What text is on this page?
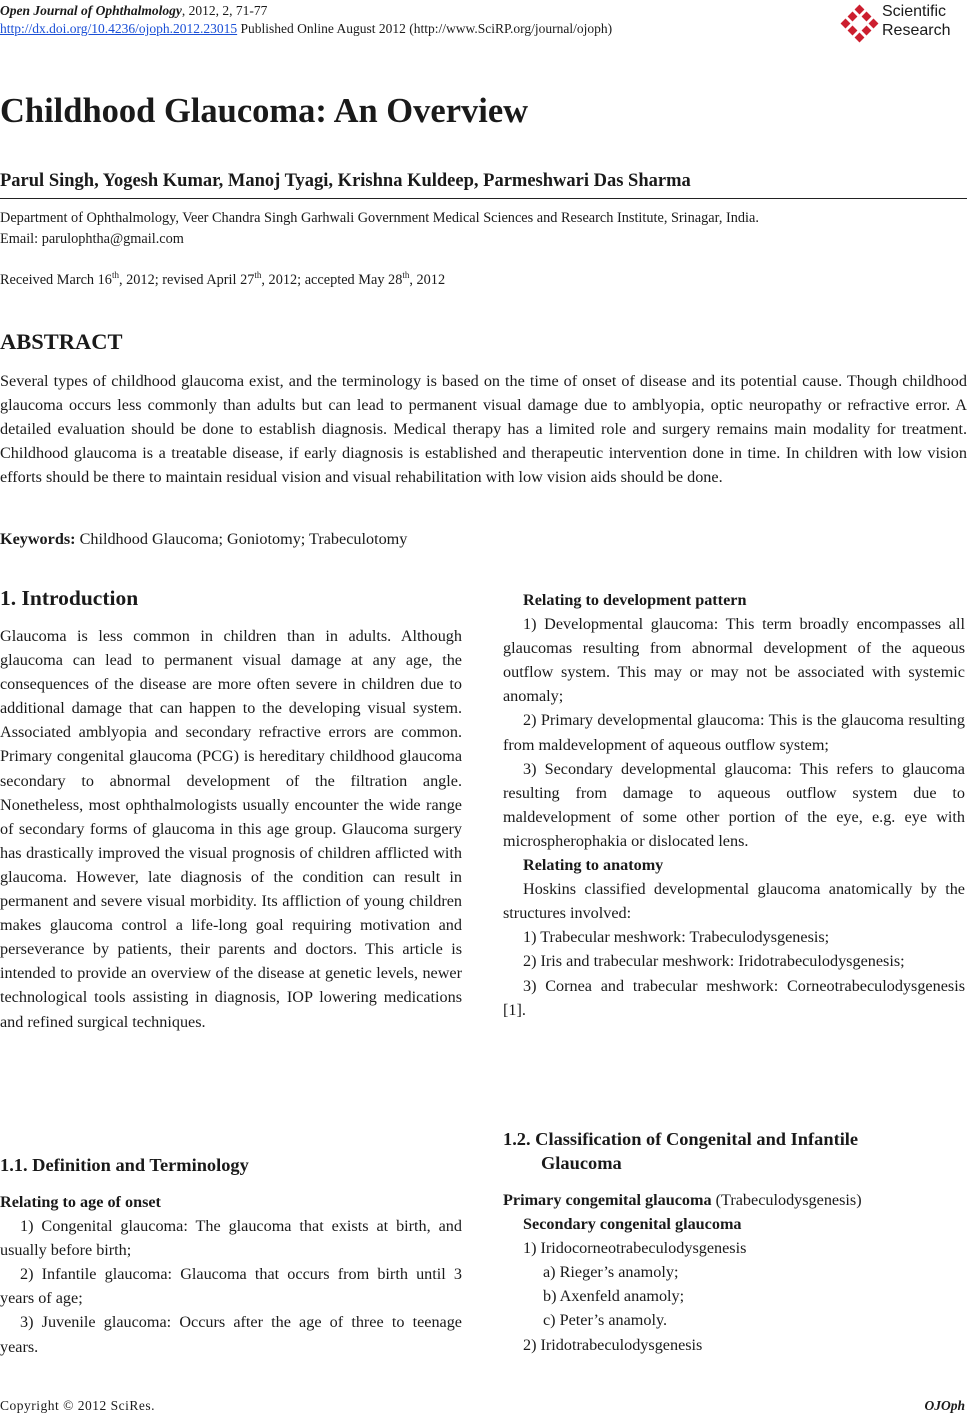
Open Journal of Ophthalmology, 2012, 2, 71-77
http://dx.doi.org/10.4236/ojoph.2012.23015 Published Online August 2012 (http://www.SciRP.org/journal/ojoph)
Scientific
Research
Childhood Glaucoma: An Overview
Parul Singh, Yogesh Kumar, Manoj Tyagi, Krishna Kuldeep, Parmeshwari Das Sharma
Department of Ophthalmology, Veer Chandra Singh Garhwali Government Medical Sciences and Research Institute, Srinagar, India.
Email: parulophtha@gmail.com
Received March 16th, 2012; revised April 27th, 2012; accepted May 28th, 2012
ABSTRACT
Several types of childhood glaucoma exist, and the terminology is based on the time of onset of disease and its potential cause. Though childhood glaucoma occurs less commonly than adults but can lead to permanent visual damage due to amblyopia, optic neuropathy or refractive error. A detailed evaluation should be done to establish diagnosis. Medical therapy has a limited role and surgery remains main modality for treatment. Childhood glaucoma is a treatable disease, if early diagnosis is established and therapeutic intervention done in time. In children with low vision efforts should be there to maintain residual vision and visual rehabilitation with low vision aids should be done.
Keywords: Childhood Glaucoma; Goniotomy; Trabeculotomy
1. Introduction

Glaucoma is less common in children than in adults. Although glaucoma can lead to permanent visual damage at any age, the consequences of the disease are more often severe in children due to additional damage that can happen to the developing visual system. Associated amblyopia and secondary refractive errors are common. Primary congenital glaucoma (PCG) is hereditary childhood glaucoma secondary to abnormal development of the filtration angle. Nonetheless, most ophthalmologists usually encounter the wide range of secondary forms of glaucoma in this age group. Glaucoma surgery has drastically improved the visual prognosis of children afflicted with glaucoma. However, late diagnosis of the condition can result in permanent and severe visual morbidity. Its affliction of young children makes glaucoma control a life-long goal requiring motivation and perseverance by patients, their parents and doctors. This article is intended to provide an overview of the disease at genetic levels, newer technological tools assisting in diagnosis, IOP lowering medications and refined surgical techniques.

1.1. Definition and Terminology

Relating to age of onset

1) Congenital glaucoma: The glaucoma that exists at birth, and usually before birth;

2) Infantile glaucoma: Glaucoma that occurs from birth until 3 years of age;

3) Juvenile glaucoma: Occurs after the age of three to teenage years.

Relating to development pattern

1) Developmental glaucoma: This term broadly encompasses all glaucomas resulting from abnormal development of the aqueous outflow system. This may or may not be associated with systemic anomaly;

2) Primary developmental glaucoma: This is the glaucoma resulting from maldevelopment of aqueous outflow system;

3) Secondary developmental glaucoma: This refers to glaucoma resulting from damage to aqueous outflow system due to maldevelopment of some other portion of the eye, e.g. eye with microspherophakia or dislocated lens.

Relating to anatomy

Hoskins classified developmental glaucoma anatomically by the structures involved:

1) Trabecular meshwork: Trabeculodysgenesis;

2) Iris and trabecular meshwork: Iridotrabeculodysgenesis;

3) Cornea and trabecular meshwork: Corneotrabeculodysgenesis [1].

1.2. Classification of Congenital and Infantile
Glaucoma

Primary congemital glaucoma (Trabeculodysgenesis)

Secondary congenital glaucoma

1) Iridocorneotrabeculodysgenesis

a) Rieger’s anamoly;

b) Axenfeld anamoly;

c) Peter’s anamoly.

2) Iridotrabeculodysgenesis

Copyright © 2012 SciRes.	OJOph
